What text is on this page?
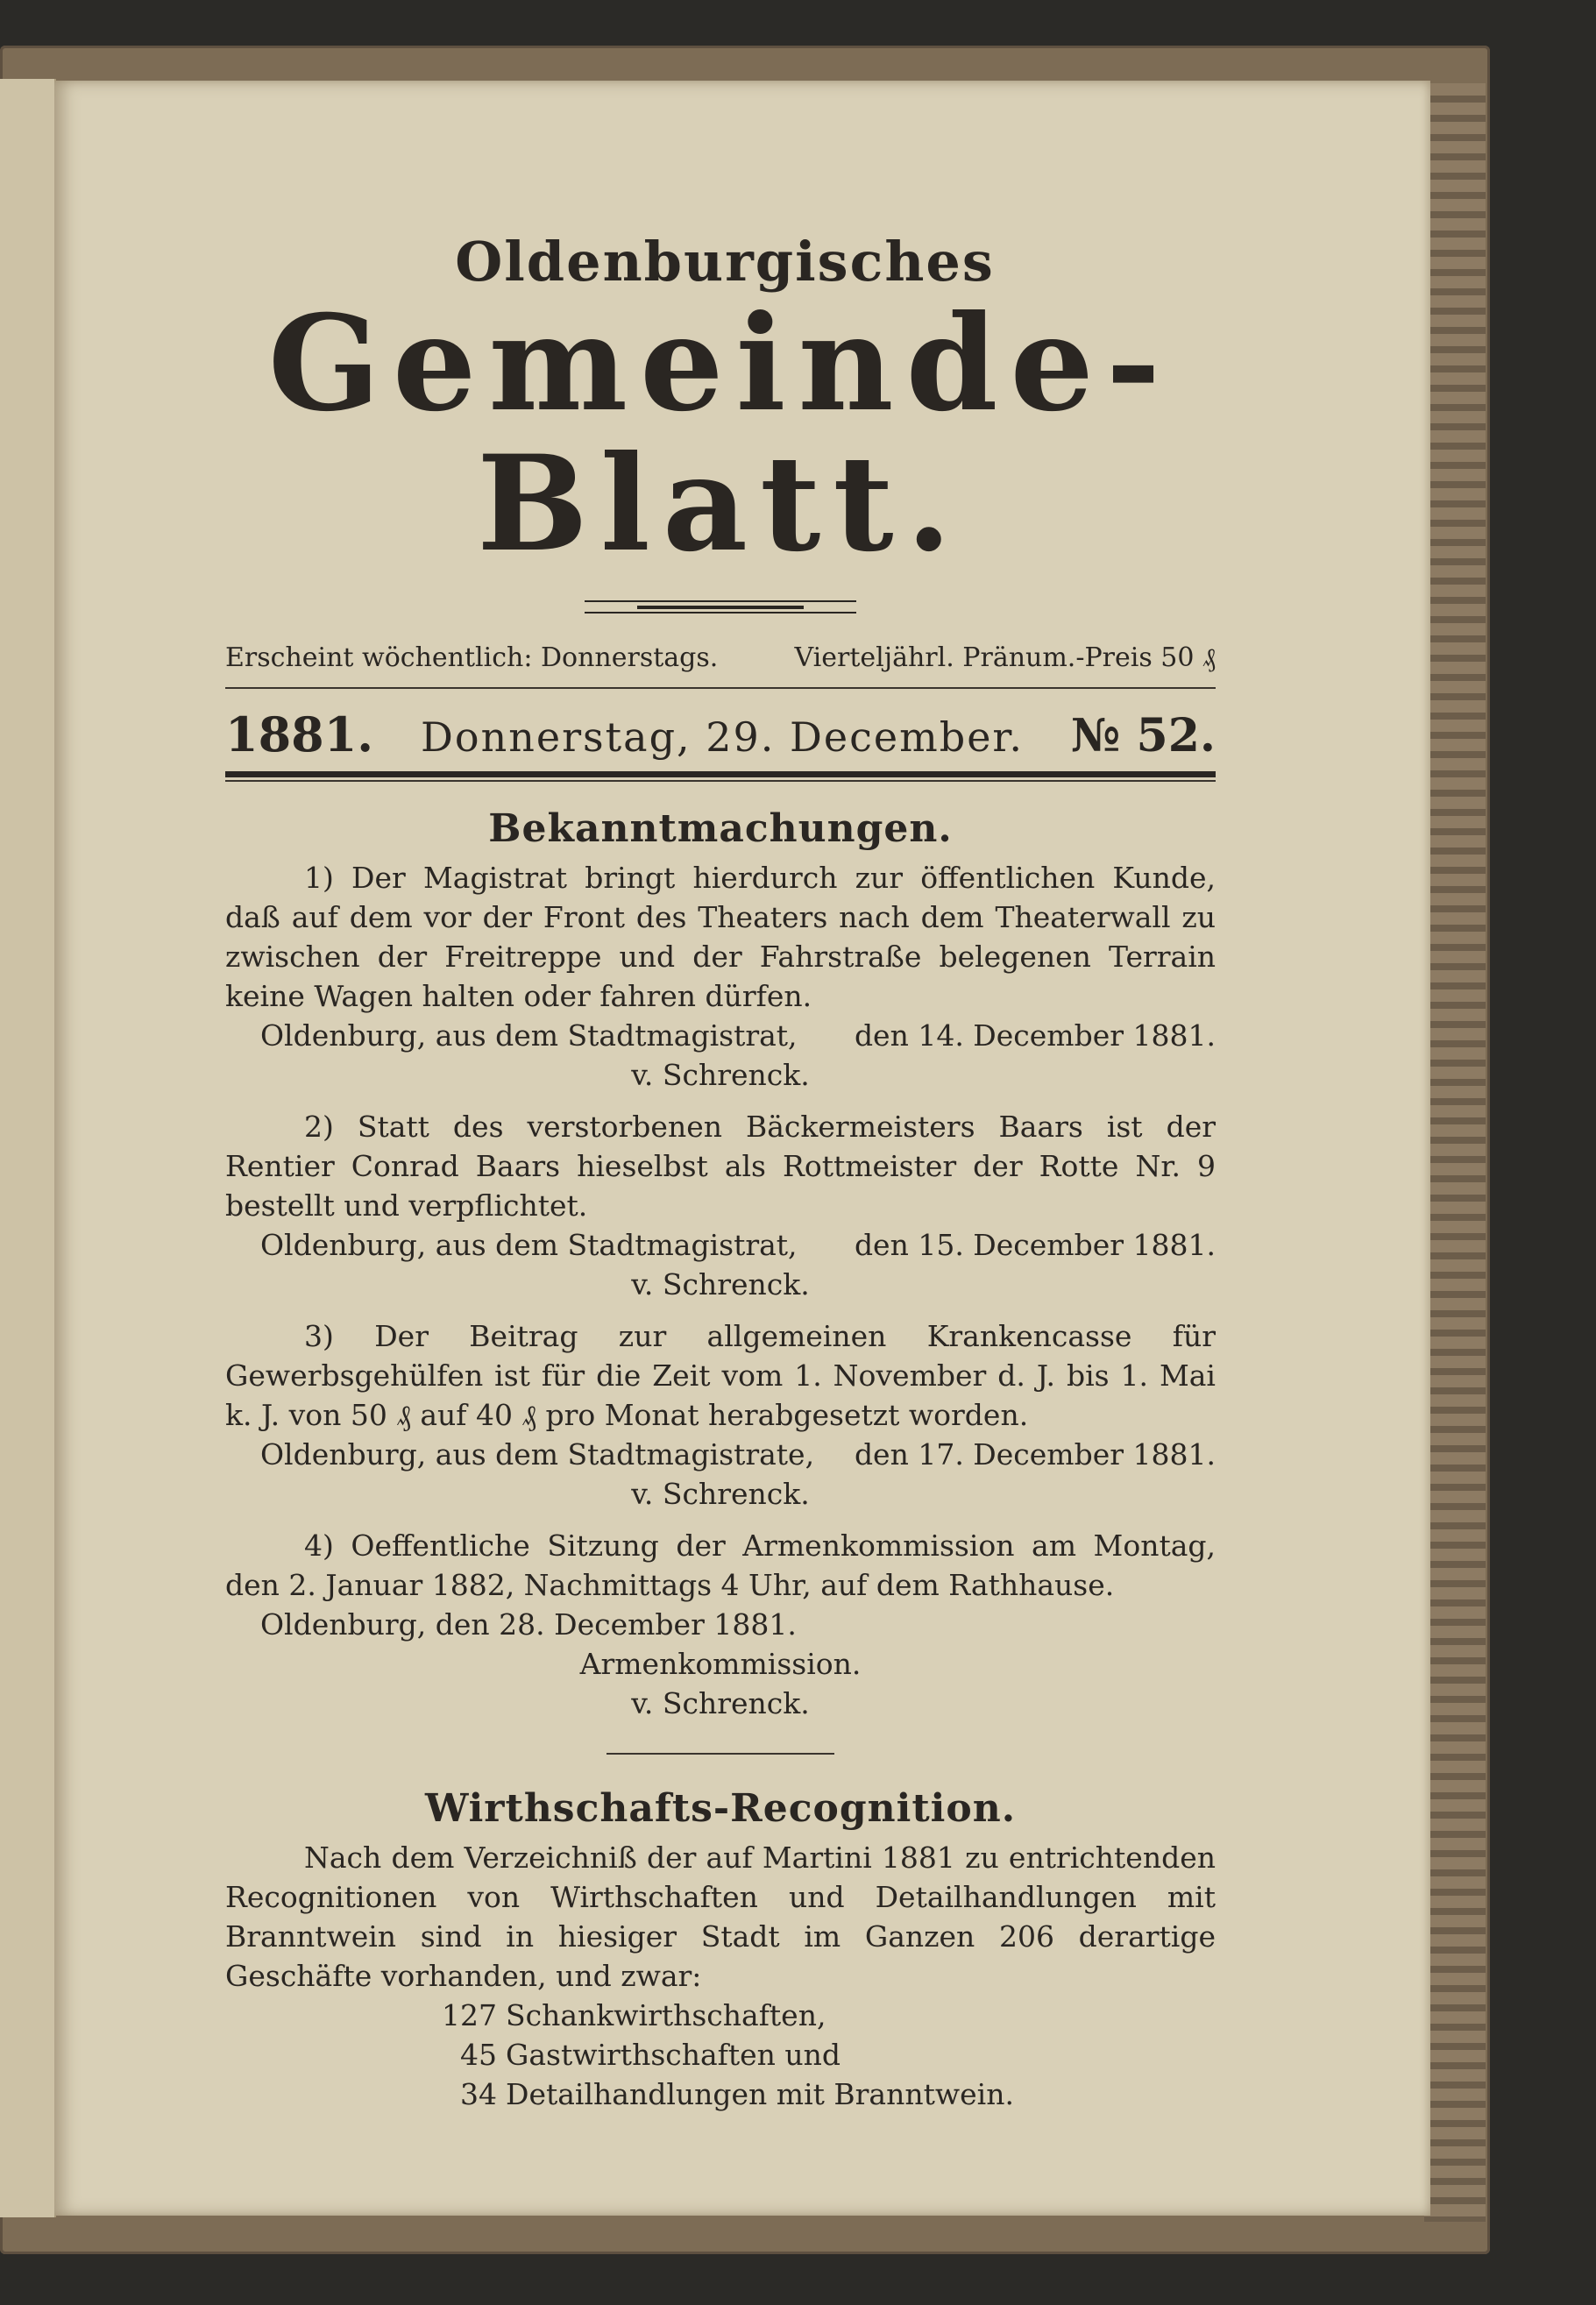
Oldenburgisches
Gemeinde-Blatt.
Erscheint wöchentlich: Donnerstags.	Vierteljährl. Pränum.-Preis 50 ₰
1881. Donnerstag, 29. December. № 52.
Bekanntmachungen.

1) Der Magistrat bringt hierdurch zur öffentlichen Kunde, daß auf dem vor der Front des Theaters nach dem Theaterwall zu zwischen der Freitreppe und der Fahrstraße belegenen Terrain keine Wagen halten oder fahren dürfen.

Oldenburg, aus dem Stadtmagistrat, den 14. December 1881.
v. Schrenck.

2) Statt des verstorbenen Bäckermeisters Baars ist der Rentier Conrad Baars hieselbst als Rottmeister der Rotte Nr. 9 bestellt und verpflichtet.

Oldenburg, aus dem Stadtmagistrat, den 15. December 1881.
v. Schrenck.

3) Der Beitrag zur allgemeinen Krankencasse für Gewerbsgehülfen ist für die Zeit vom 1. November d. J. bis 1. Mai k. J. von 50 ₰ auf 40 ₰ pro Monat herabgesetzt worden.

Oldenburg, aus dem Stadtmagistrate, den 17. December 1881.
v. Schrenck.

4) Oeffentliche Sitzung der Armenkommission am Montag, den 2. Januar 1882, Nachmittags 4 Uhr, auf dem Rathhause.

Oldenburg, den 28. December 1881.
Armenkommission.
v. Schrenck.
Wirthschafts-Recognition.

Nach dem Verzeichniß der auf Martini 1881 zu entrichtenden Recognitionen von Wirthschaften und Detailhandlungen mit Branntwein sind in hiesiger Stadt im Ganzen 206 derartige Geschäfte vorhanden, und zwar:

127 Schankwirthschaften,
45 Gastwirthschaften und
34 Detailhandlungen mit Branntwein.
